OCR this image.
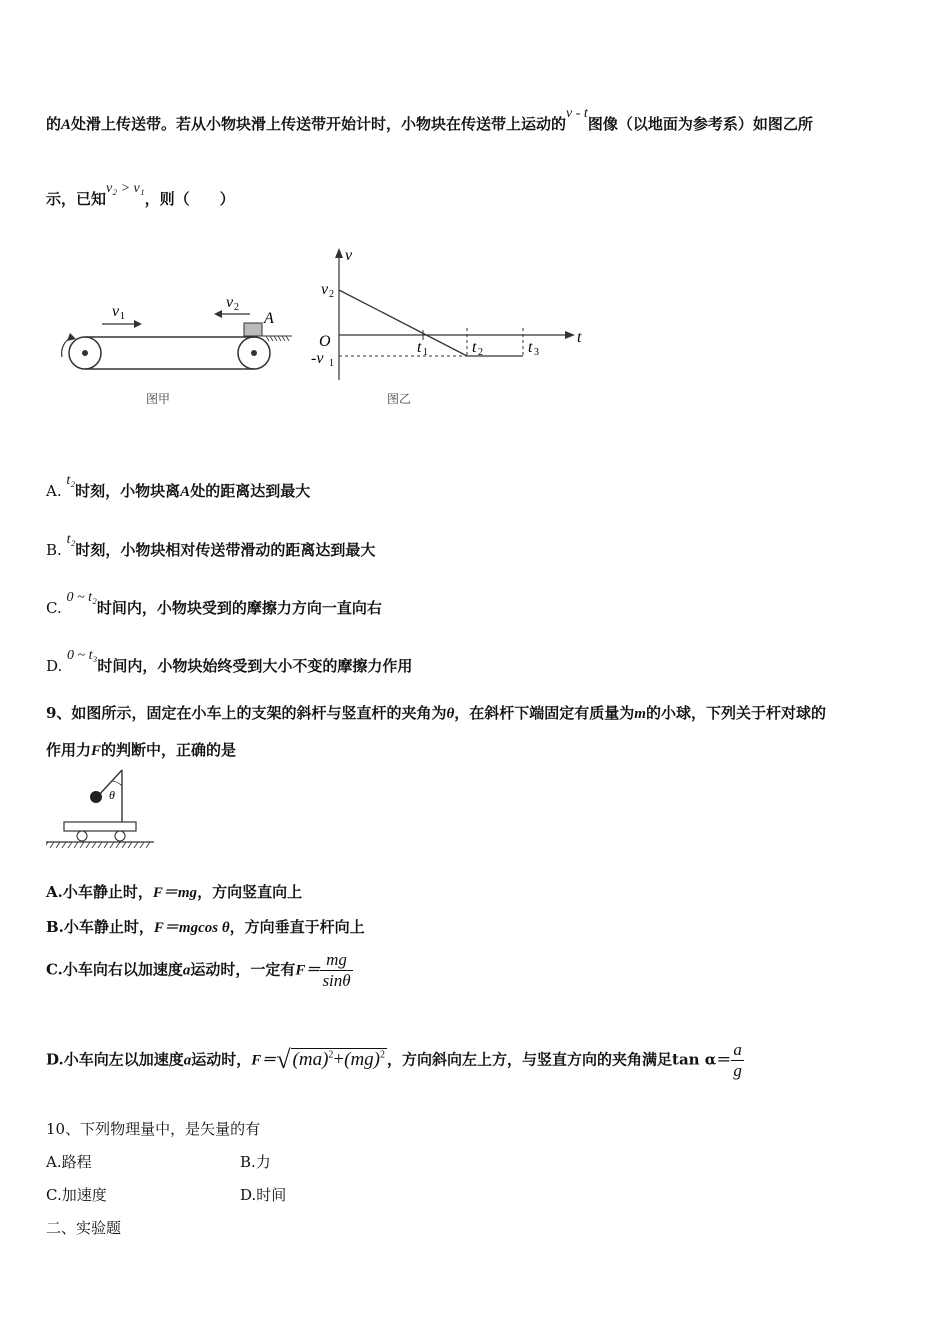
的A处滑上传送带。若从小物块滑上传送带开始计时，小物块在传送带上运动的v - t图像（以地面为参考系）如图乙所
示，已知v₂ > v₁，则（　　）
v 1
v 2
A
图甲
v
t
O
v 2
-v 1
t 1	t 2	t 3
图乙
A. t₂时刻，小物块离A处的距离达到最大
B. t₂时刻，小物块相对传送带滑动的距离达到最大
C. 0 ~ t₂时间内，小物块受到的摩擦力方向一直向右
D. 0 ~ t₃时间内，小物块始终受到大小不变的摩擦力作用
9、如图所示，固定在小车上的支架的斜杆与竖直杆的夹角为θ，在斜杆下端固定有质量为m的小球，下列关于杆对球的
作用力F的判断中，正确的是
θ
A.小车静止时，F＝mg，方向竖直向上
B.小车静止时，F＝mgcos θ，方向垂直于杆向上
C.小车向右以加速度a运动时，一定有$F= \frac{mg}{\sin\theta}$
D.小车向左以加速度a运动时，F＝√ (ma)$^2$+(mg)$^2$ ，方向斜向左上方，与竖直方向的夹角满足$\tan \alpha= \frac{a}{g}$
10、下列物理量中，是矢量的有
A.路程	B.力
C.加速度	D.时间
二、实验题
